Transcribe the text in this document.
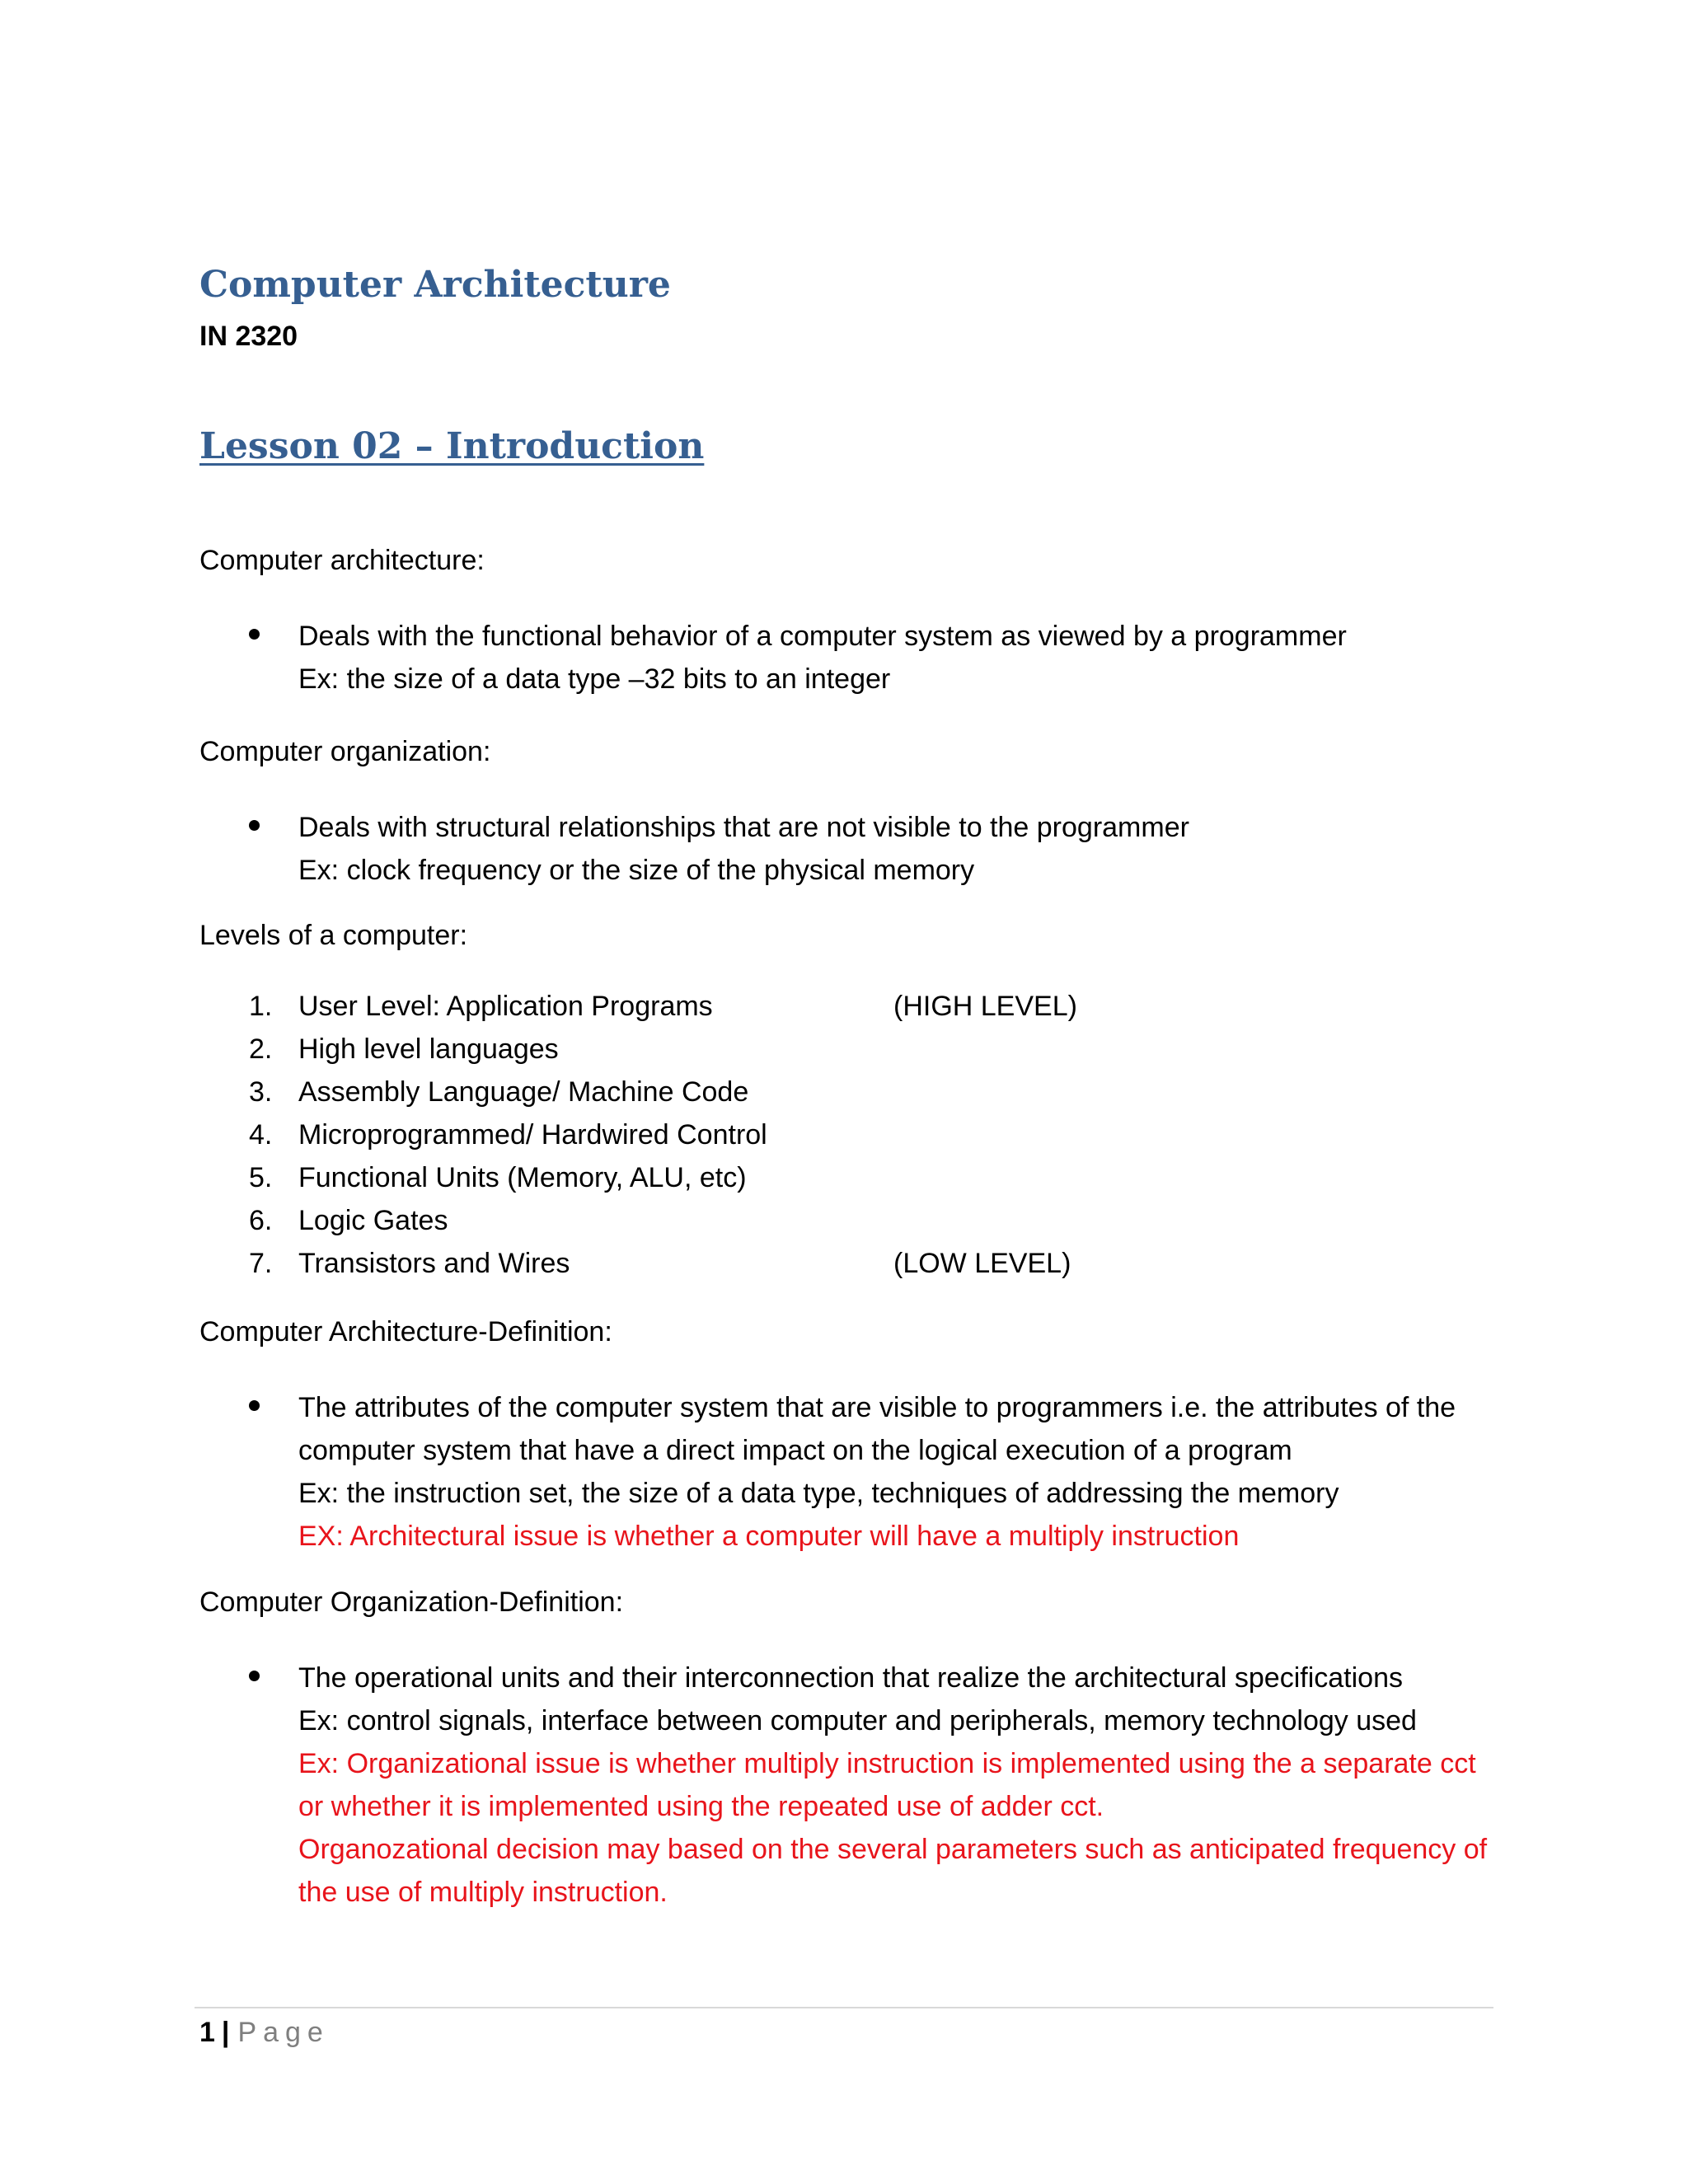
Computer Architecture
IN 2320
Lesson 02 – Introduction
Computer architecture:
Deals with the functional behavior of a computer system as viewed by a programmer
Ex: the size of a data type –32 bits to an integer
Computer organization:
Deals with structural relationships that are not visible to the programmer
Ex: clock frequency or the size of the physical memory
Levels of a computer:
1. User Level: Application Programs	(HIGH LEVEL)
2. High level languages
3. Assembly Language/ Machine Code
4. Microprogrammed/ Hardwired Control
5. Functional Units (Memory, ALU, etc)
6. Logic Gates
7. Transistors and Wires	(LOW LEVEL)
Computer Architecture-Definition:
The attributes of the computer system that are visible to programmers i.e. the attributes of the
computer system that have a direct impact on the logical execution of a program
Ex: the instruction set, the size of a data type, techniques of addressing the memory
EX: Architectural issue is whether a computer will have a multiply instruction
Computer Organization-Definition:
The operational units and their interconnection that realize the architectural specifications
Ex: control signals, interface between computer and peripherals, memory technology used
Ex: Organizational issue is whether multiply instruction is implemented using the a separate cct
or whether it is implemented using the repeated use of adder cct.
Organozational decision may based on the several parameters such as anticipated frequency of
the use of multiply instruction.
1 | Page
